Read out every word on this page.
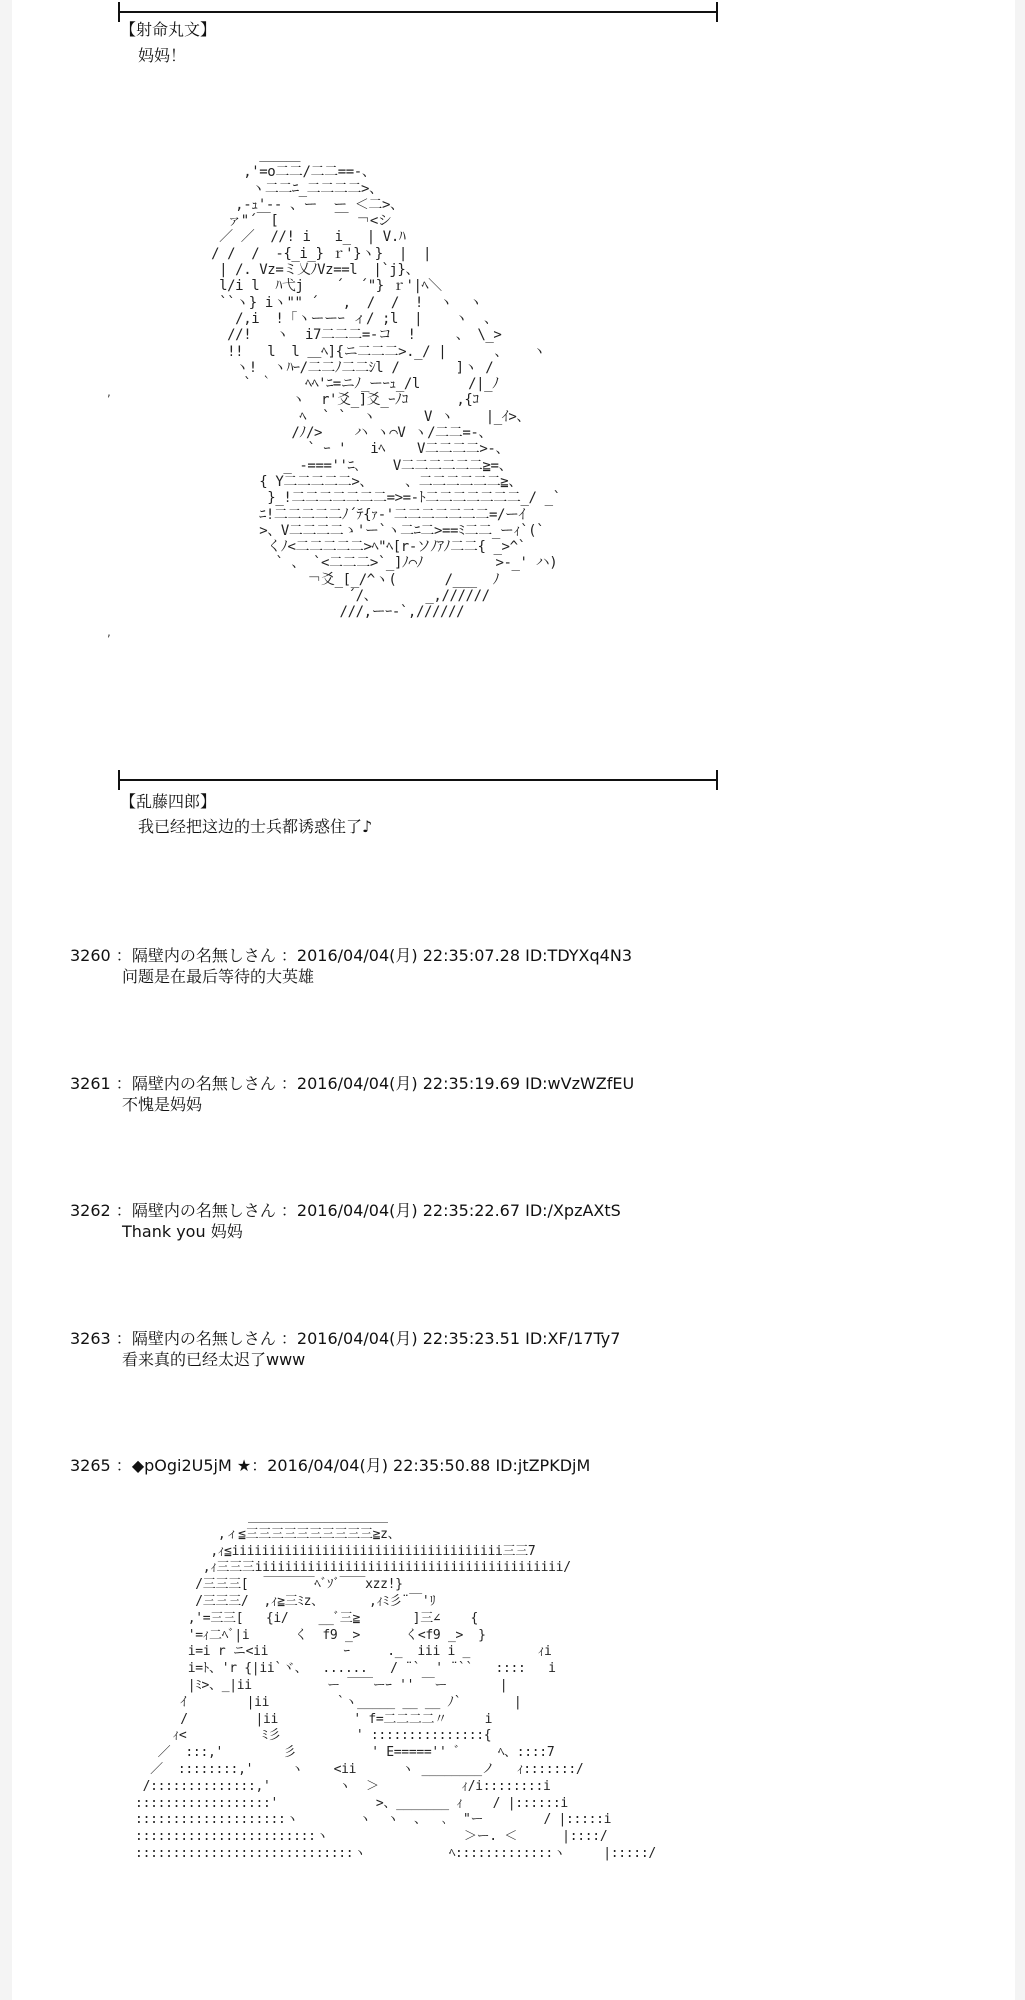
【射命丸文】
妈妈！
＿＿＿
,'=o二二/二二==-、
ヽ二二ﾆ_二二二二>、
,-ｭ'-- 、ー  ー ＜二>、
ァ"´￣[       ￣ ￢<シ
／ ／  //! i   i_  | V.ﾊ
/ /  /  -{_i_} ｒ'}ヽ}  |  |
| /. Vz=ミ乂ﾉVz==l  |`j}、
l/i l  ﾊ弋j    ´  ´"} ｒ'|ﾍ＼
``ヽ} iヽ"" ´   ,  /  /  !  ヽ  ヽ
/,i  !「ヽーーｰ ィ/ ;l  |    ヽ  、
//!   ヽ  i7二二二=-コ  !     、 \_>
!!   l  l ＿ﾍ]{ニ二二二>._/ |      、   ヽ
ヽ!  ヽﾊｰ/二二ﾉ二二ｼl /       ]ヽ /
` ｀    ﾍﾍ'ﾆ=ニﾉ_ーｰｭ_/l      /|_ﾉ
ヽ  r'爻_]爻_ｰﾉｺ      ,{ｺ
ﾍ  ` `  ヽ      V ヽ    |_ｲ>、
/ﾉ/>    ハ ヽ⌒V ヽ/二二=-、
` ｰ '   iﾍ    V二二二二>-、
_ -===''ﾆ､    V二二二二二二≧=、
{ Y二二二二二>、    、二二二二二二≧、
}_!二二二二二二二=>=-ﾄ二二二二二二二_/ _`
ﾆ!二二二二二ﾉ´ﾃ{ｧ-'二二二二二二二=/ーｲ
>、V二二二二ゝ'ー`ヽ二ﾆ二>==ﾐ二二_ーｨ`(`
くﾉ<二二二二二>ﾍ"ﾍ[r-ソﾉｱﾉ二二{ _>^`
` 、 `<二二二>`_]ﾉ⌒ﾉ         >-_' ハ)
￢爻_[_/^ヽ(      /___  ﾉ
´/、      _,//////
///,ーｰ-`,//////
,
,
【乱藤四郎】
我已经把这边的士兵都诱惑住了♪
3260 ：隔壁内の名無しさん ：2016/04/04(月) 22:35:07.28 ID:TDYXq4N3
问题是在最后等待的大英雄
3261 ：隔壁内の名無しさん ：2016/04/04(月) 22:35:19.69 ID:wVzWZfEU
不愧是妈妈
3262 ：隔壁内の名無しさん ：2016/04/04(月) 22:35:22.67 ID:/XpzAXtS
Thank you 妈妈
3263 ：隔壁内の名無しさん ：2016/04/04(月) 22:35:23.51 ID:XF/17Ty7
看来真的已经太迟了www
3265 ：◆pOgi2U5jM ★：2016/04/04(月) 22:35:50.88 ID:jtZPKDjM
＿＿＿＿＿＿＿＿＿＿＿
,ィ≦三三三三三三三三三三≧z、
,ｨ≦iiiiiiiiiiiiiiiiiiiiiiiiiiiiiiiiiiii三三7
,ｨ三三三iiiiiiiiiiiiiiiiiiiiiiiiiiiiiiiiiiiiiiiii/
/三三三[  ￣￣￣￣ﾍﾞｿﾞ￣￣xzz!}
/三三三/  ,ｨ≧三ﾐz、      ,ｨﾐ彡¨￣'ﾘ
,'=三三[   {i/    __ﾞ三≧       ]三∠    {
'=ｨ二ﾍﾞ|i      く  f9 _>      く<f9 _>  }
i=i r ニ<ii          ｰ     ._  iii i _         ｨi
i=ﾄ、'r {|ii`ヾ、  ......   / ¨`  ' ¨``   ::::   i
|ﾐ>、_|ii          ー ￣￣ーｰ '' ￣ー       |
ｲ        |ii         `ヽ_____ __ __ ﾉ`       |
/         |ii          ' f=二二二二〃     i
ｨ<          ﾐ彡          ' :::::::::::::::{
／  :::,'        彡          ' E====='' ﾞ     ﾍ、::::7
／  ::::::::,'     ヽ    <ii      ヽ ________ノ   ｨ:::::::/
/::::::::::::::,'         ヽ  ＞           ｨ/i::::::::i
::::::::::::::::::'             >、_______ ｨ    / |::::::i
::::::::::::::::::::ヽ        ヽ  ヽ  、  ､  "ー        / |:::::i
::::::::::::::::::::::::ヽ                  ＞ー. ＜      |::::/
:::::::::::::::::::::::::::::ヽ           ﾍ:::::::::::::ヽ     |:::::/
